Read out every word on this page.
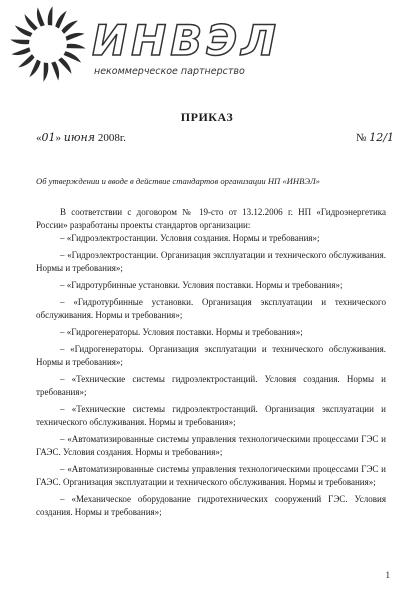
ИНВЭЛ
некоммерческое партнерство
ПРИКАЗ
«01» июня 2008г.	№ 12/1
Об утверждении и вводе в действие стандартов организации НП «ИНВЭЛ»

В соответствии с договором № 19-сто от 13.12.2006 г. НП «Гидроэнергетика России» разработаны проекты стандартов организации:

– «Гидроэлектростанции. Условия создания. Нормы и требования»;

– «Гидроэлектростанции. Организация эксплуатации и технического обслуживания. Нормы и требования»;

– «Гидротурбинные установки. Условия поставки. Нормы и требования»;

– «Гидротурбинные установки. Организация эксплуатации и технического обслуживания. Нормы и требования»;

– «Гидрогенераторы. Условия поставки. Нормы и требования»;

– «Гидрогенераторы. Организация эксплуатации и технического обслуживания. Нормы и требования»;

– «Технические системы гидроэлектростанций. Условия создания. Нормы и требования»;

– «Технические системы гидроэлектростанций. Организация эксплуатации и технического обслуживания. Нормы и требования»;

– «Автоматизированные системы управления технологическими процессами ГЭС и ГАЭС. Условия создания. Нормы и требования»;

– «Автоматизированные системы управления технологическими процессами ГЭС и ГАЭС. Организация эксплуатации и технического обслуживания. Нормы и требования»;

– «Механическое оборудование гидротехнических сооружений ГЭС. Условия создания. Нормы и требования»;

1
